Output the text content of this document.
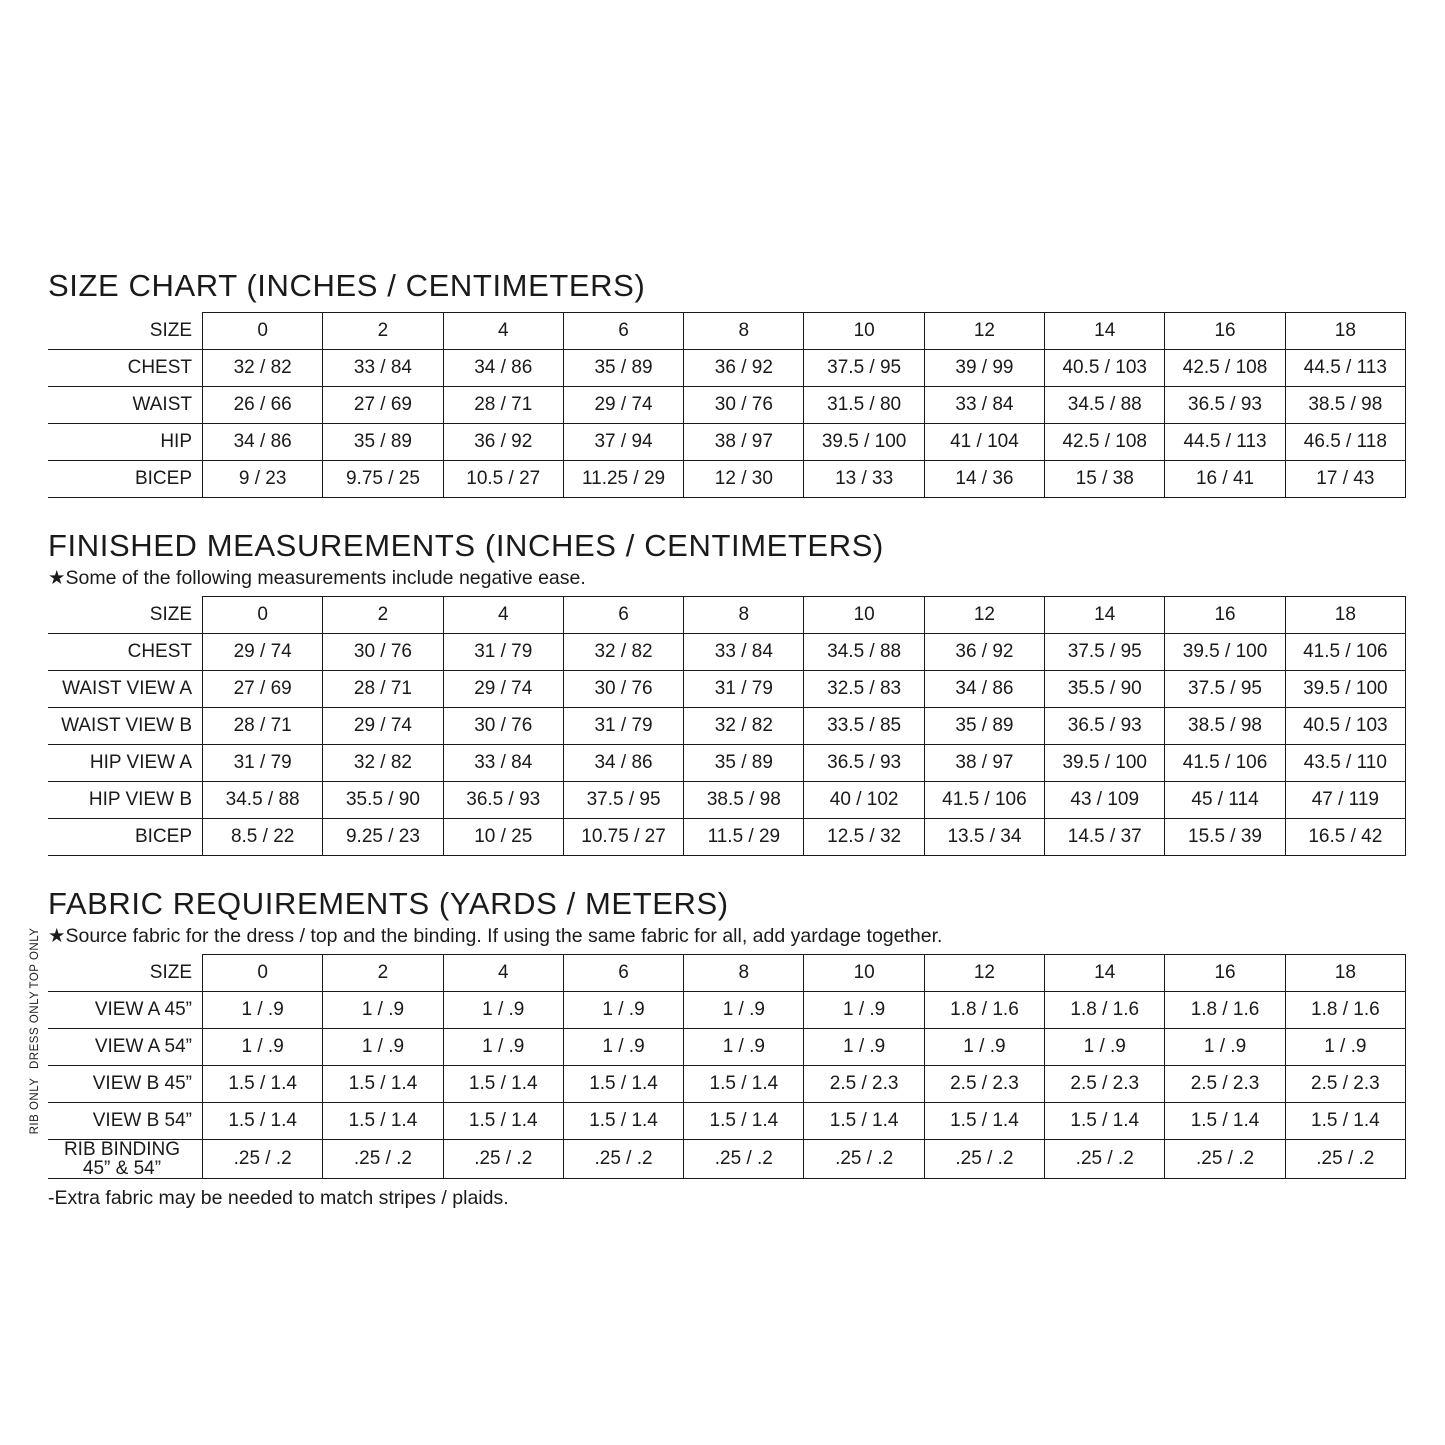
SIZE CHART (INCHES / CENTIMETERS)
SIZE	0	2	4	6	8	10	12	14	16	18
CHEST	32 / 82	33 / 84	34 / 86	35 / 89	36 / 92	37.5 / 95	39 / 99	40.5 / 103	42.5 / 108	44.5 / 113
WAIST	26 / 66	27 / 69	28 / 71	29 / 74	30 / 76	31.5 / 80	33 / 84	34.5 / 88	36.5 / 93	38.5 / 98
HIP	34 / 86	35 / 89	36 / 92	37 / 94	38 / 97	39.5 / 100	41 / 104	42.5 / 108	44.5 / 113	46.5 / 118
BICEP	9 / 23	9.75 / 25	10.5 / 27	11.25 / 29	12 / 30	13 / 33	14 / 36	15 / 38	16 / 41	17 / 43
FINISHED MEASUREMENTS (INCHES / CENTIMETERS)
★Some of the following measurements include negative ease.
SIZE	0	2	4	6	8	10	12	14	16	18
CHEST	29 / 74	30 / 76	31 / 79	32 / 82	33 / 84	34.5 / 88	36 / 92	37.5 / 95	39.5 / 100	41.5 / 106
WAIST VIEW A	27 / 69	28 / 71	29 / 74	30 / 76	31 / 79	32.5 / 83	34 / 86	35.5 / 90	37.5 / 95	39.5 / 100
WAIST VIEW B	28 / 71	29 / 74	30 / 76	31 / 79	32 / 82	33.5 / 85	35 / 89	36.5 / 93	38.5 / 98	40.5 / 103
HIP VIEW A	31 / 79	32 / 82	33 / 84	34 / 86	35 / 89	36.5 / 93	38 / 97	39.5 / 100	41.5 / 106	43.5 / 110
HIP VIEW B	34.5 / 88	35.5 / 90	36.5 / 93	37.5 / 95	38.5 / 98	40 / 102	41.5 / 106	43 / 109	45 / 114	47 / 119
BICEP	8.5 / 22	9.25 / 23	10 / 25	10.75 / 27	11.5 / 29	12.5 / 32	13.5 / 34	14.5 / 37	15.5 / 39	16.5 / 42
FABRIC REQUIREMENTS (YARDS / METERS)
★Source fabric for the dress / top and the binding. If using the same fabric for all, add yardage together.
TOP ONLY
DRESS ONLY
RIB ONLY
SIZE	0	2	4	6	8	10	12	14	16	18
VIEW A 45”	1 / .9	1 / .9	1 / .9	1 / .9	1 / .9	1 / .9	1.8 / 1.6	1.8 / 1.6	1.8 / 1.6	1.8 / 1.6
VIEW A 54”	1 / .9	1 / .9	1 / .9	1 / .9	1 / .9	1 / .9	1 / .9	1 / .9	1 / .9	1 / .9
VIEW B 45”	1.5 / 1.4	1.5 / 1.4	1.5 / 1.4	1.5 / 1.4	1.5 / 1.4	2.5 / 2.3	2.5 / 2.3	2.5 / 2.3	2.5 / 2.3	2.5 / 2.3
VIEW B 54”	1.5 / 1.4	1.5 / 1.4	1.5 / 1.4	1.5 / 1.4	1.5 / 1.4	1.5 / 1.4	1.5 / 1.4	1.5 / 1.4	1.5 / 1.4	1.5 / 1.4
RIB BINDING
45” & 54”	.25 / .2	.25 / .2	.25 / .2	.25 / .2	.25 / .2	.25 / .2	.25 / .2	.25 / .2	.25 / .2	.25 / .2
-Extra fabric may be needed to match stripes / plaids.
